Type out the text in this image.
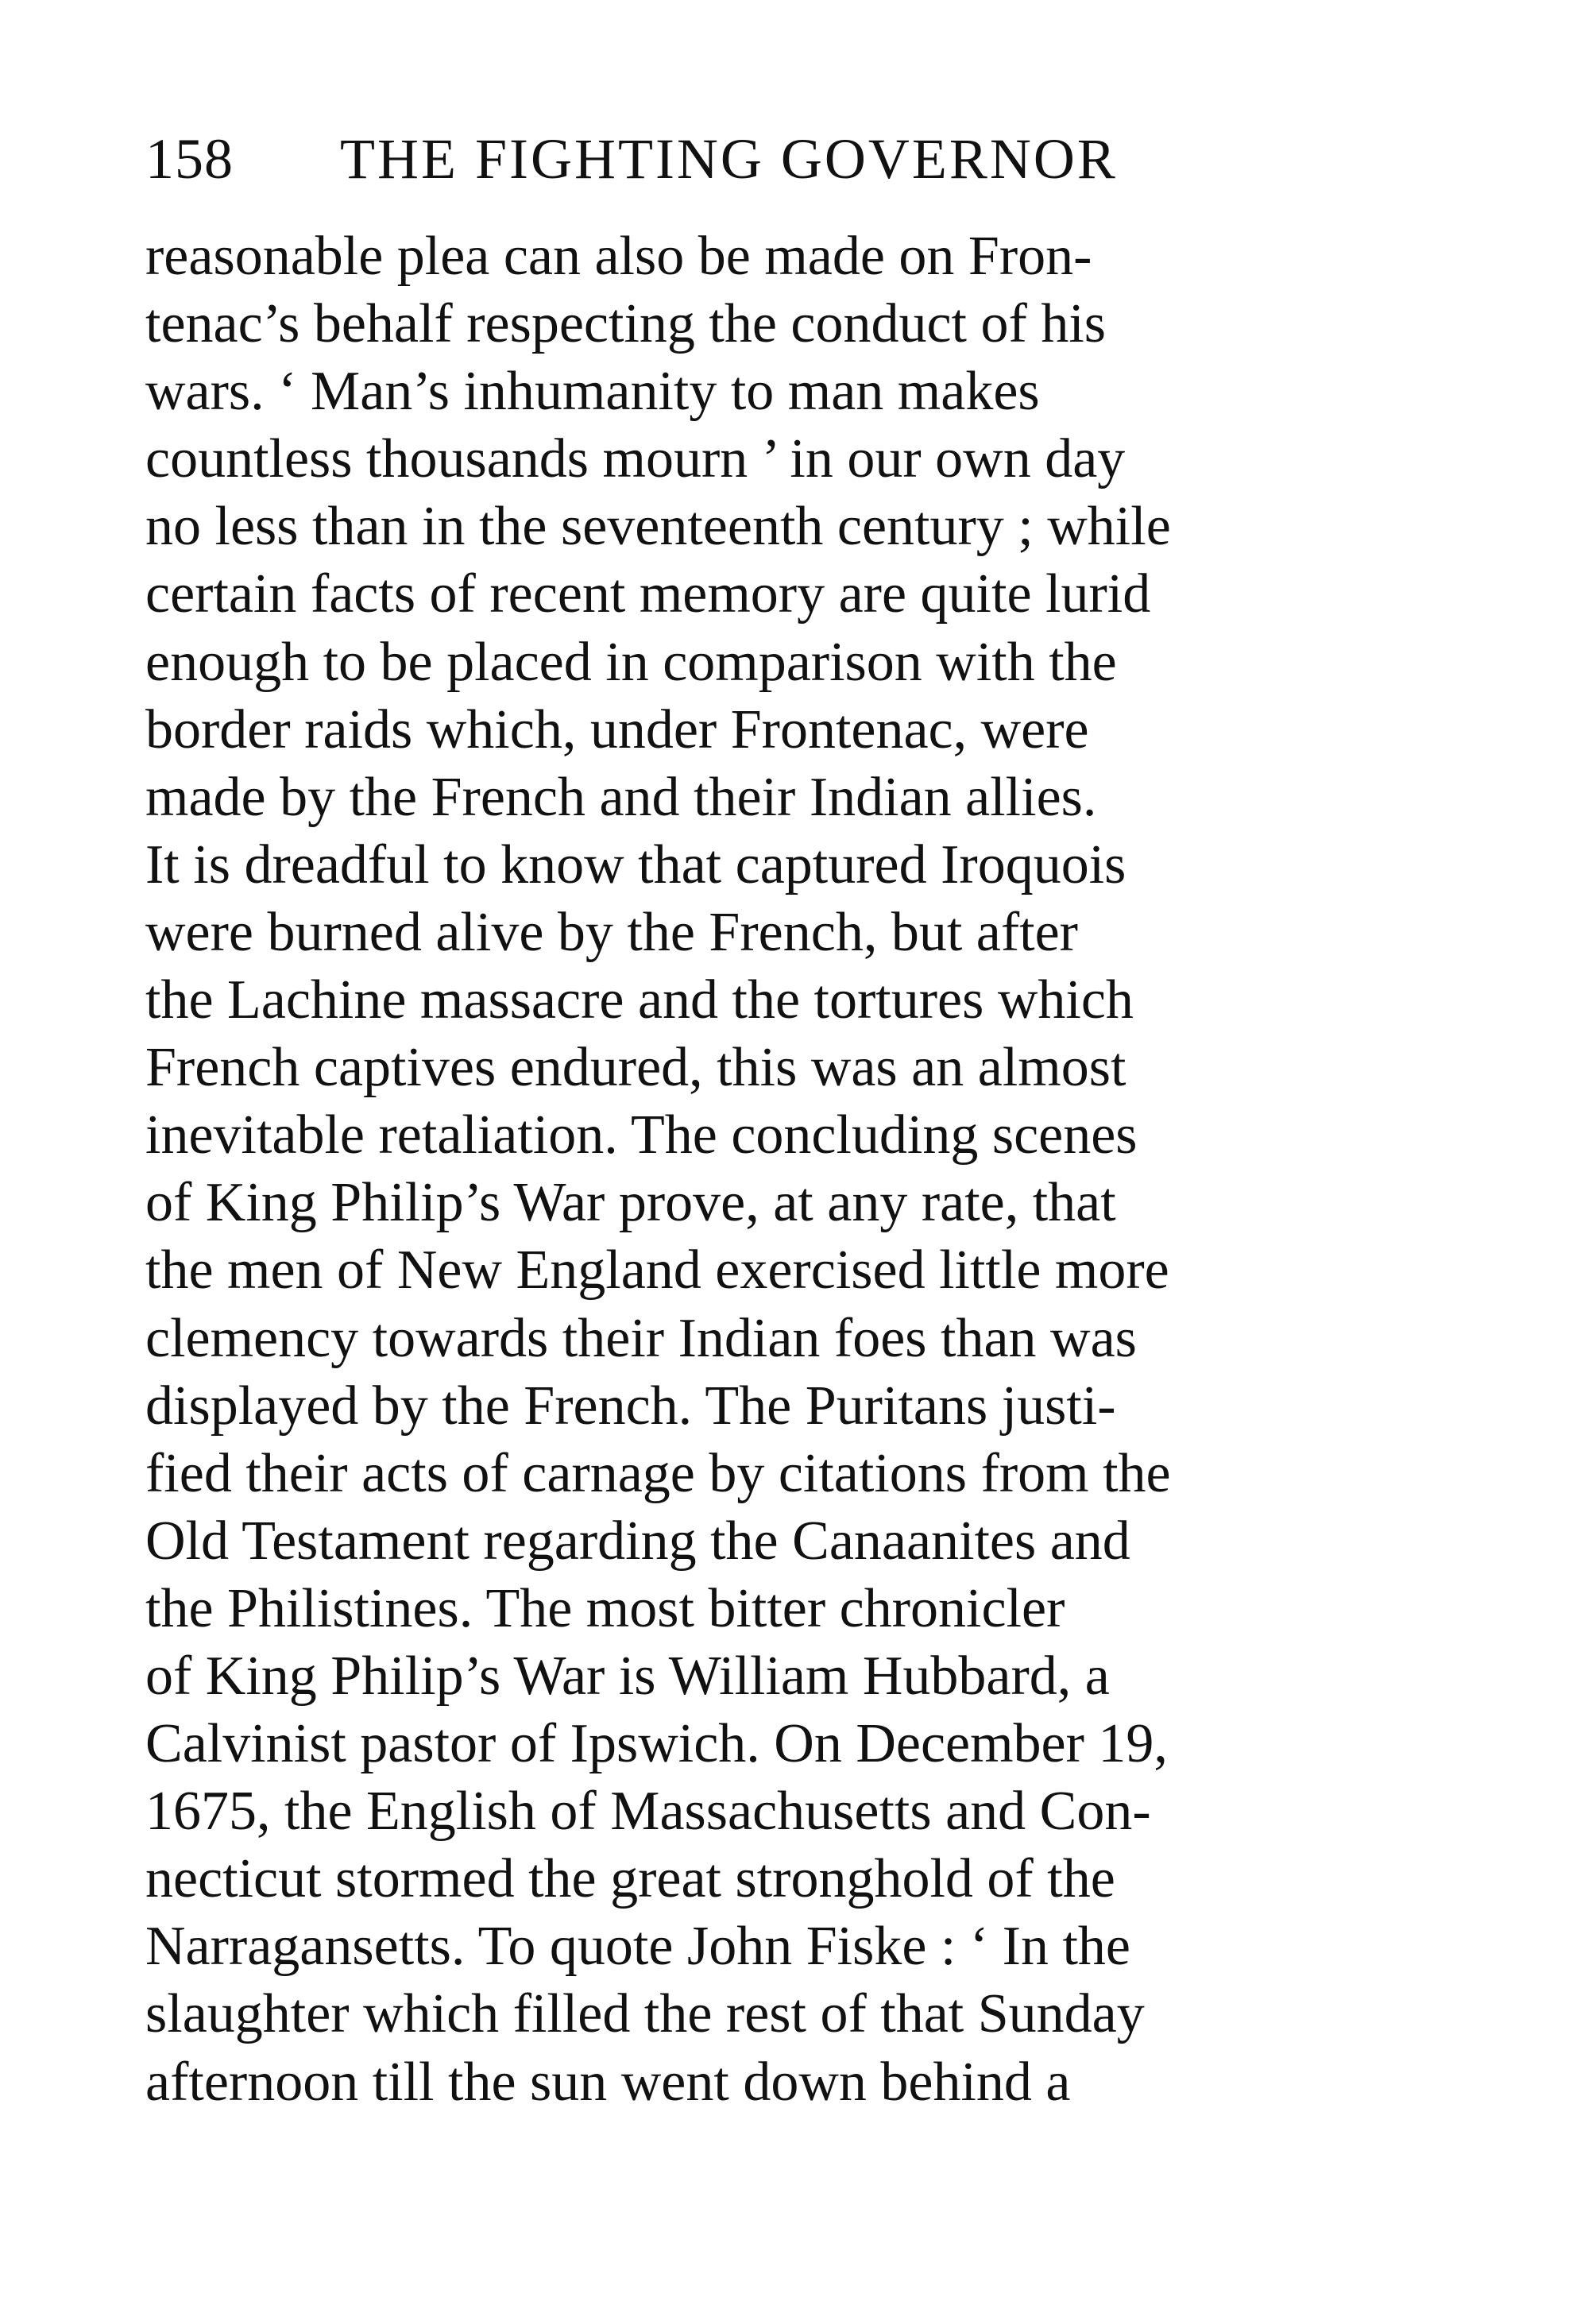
158 THE FIGHTING GOVERNOR
reasonable plea can also be made on Fron-
tenac’s behalf respecting the conduct of his
wars. ‘ Man’s inhumanity to man makes
countless thousands mourn ’ in our own day
no less than in the seventeenth century ; while
certain facts of recent memory are quite lurid
enough to be placed in comparison with the
border raids which, under Frontenac, were
made by the French and their Indian allies.
It is dreadful to know that captured Iroquois
were burned alive by the French, but after
the Lachine massacre and the tortures which
French captives endured, this was an almost
inevitable retaliation. The concluding scenes
of King Philip’s War prove, at any rate, that
the men of New England exercised little more
clemency towards their Indian foes than was
displayed by the French. The Puritans justi-
fied their acts of carnage by citations from the
Old Testament regarding the Canaanites and
the Philistines. The most bitter chronicler
of King Philip’s War is William Hubbard, a
Calvinist pastor of Ipswich. On December 19,
1675, the English of Massachusetts and Con-
necticut stormed the great stronghold of the
Narragansetts. To quote John Fiske : ‘ In the
slaughter which filled the rest of that Sunday
afternoon till the sun went down behind a
